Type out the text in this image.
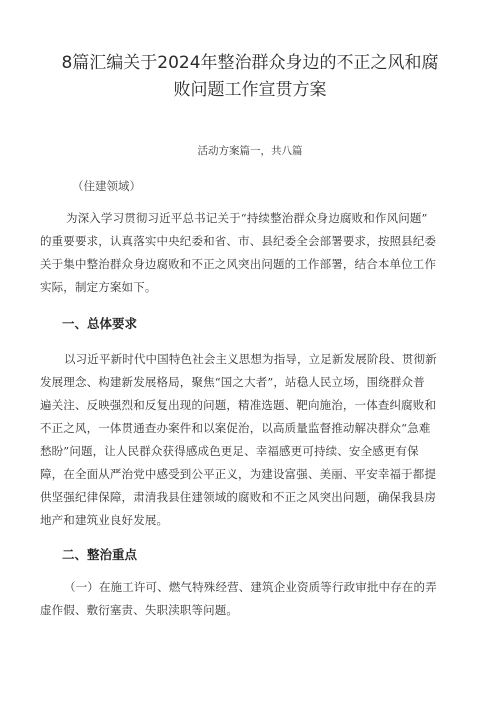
8篇汇编关于2024年整治群众身边的不正之风和腐
败问题工作宣贯方案
活动方案篇一，共八篇
（住建领域）
为深入学习贯彻习近平总书记关于“持续整治群众身边腐败和作风问题”
的重要要求，认真落实中央纪委和省、市、县纪委全会部署要求，按照县纪委
关于集中整治群众身边腐败和不正之风突出问题的工作部署，结合本单位工作
实际，制定方案如下。
一、总体要求
以习近平新时代中国特色社会主义思想为指导，立足新发展阶段、贯彻新
发展理念、构建新发展格局，聚焦“国之大者”，站稳人民立场，围绕群众普
遍关注、反映强烈和反复出现的问题，精准选题、靶向施治，一体查纠腐败和
不正之风，一体贯通查办案件和以案促治，以高质量监督推动解决群众“急难
愁盼”问题，让人民群众获得感成色更足、幸福感更可持续、安全感更有保
障，在全面从严治党中感受到公平正义，为建设富强、美丽、平安幸福于都提
供坚强纪律保障，肃清我县住建领域的腐败和不正之风突出问题，确保我县房
地产和建筑业良好发展。
二、整治重点
（一）在施工许可、燃气特殊经营、建筑企业资质等行政审批中存在的弄
虚作假、敷衍塞责、失职渎职等问题。
